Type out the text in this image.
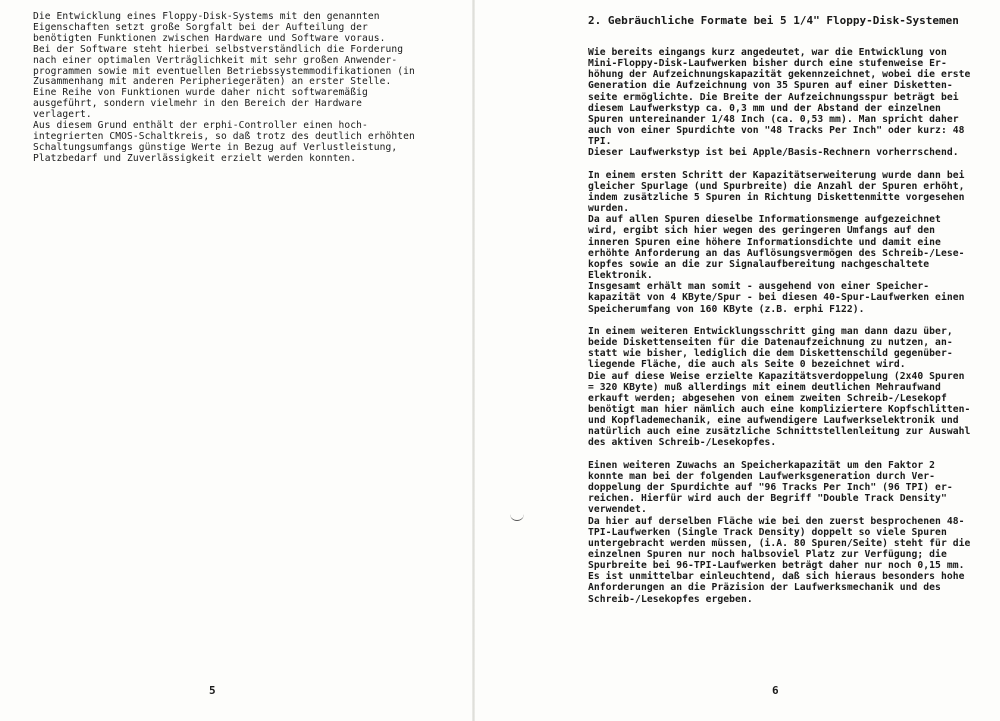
Die Entwicklung eines Floppy-Disk-Systems mit den genannten
Eigenschaften setzt große Sorgfalt bei der Aufteilung der
benötigten Funktionen zwischen Hardware und Software voraus.
Bei der Software steht hierbei selbstverständlich die Forderung
nach einer optimalen Verträglichkeit mit sehr großen Anwender-
programmen sowie mit eventuellen Betriebssystemmodifikationen (in
Zusammenhang mit anderen Peripheriegeräten) an erster Stelle.
Eine Reihe von Funktionen wurde daher nicht softwaremäßig
ausgeführt, sondern vielmehr in den Bereich der Hardware
verlagert.
Aus diesem Grund enthält der erphi-Controller einen hoch-
integrierten CMOS-Schaltkreis, so daß trotz des deutlich erhöhten
Schaltungsumfangs günstige Werte in Bezug auf Verlustleistung,
Platzbedarf und Zuverlässigkeit erzielt werden konnten.
5
2. Gebräuchliche Formate bei 5 1/4" Floppy-Disk-Systemen

Wie bereits eingangs kurz angedeutet, war die Entwicklung von
Mini-Floppy-Disk-Laufwerken bisher durch eine stufenweise Er-
höhung der Aufzeichnungskapazität gekennzeichnet, wobei die erste
Generation die Aufzeichnung von 35 Spuren auf einer Disketten-
seite ermöglichte. Die Breite der Aufzeichnungsspur beträgt bei
diesem Laufwerkstyp ca. 0,3 mm und der Abstand der einzelnen
Spuren untereinander 1/48 Inch (ca. 0,53 mm). Man spricht daher
auch von einer Spurdichte von "48 Tracks Per Inch" oder kurz: 48
TPI.
Dieser Laufwerkstyp ist bei Apple/Basis-Rechnern vorherrschend.

In einem ersten Schritt der Kapazitätserweiterung wurde dann bei
gleicher Spurlage (und Spurbreite) die Anzahl der Spuren erhöht,
indem zusätzliche 5 Spuren in Richtung Diskettenmitte vorgesehen
wurden.
Da auf allen Spuren dieselbe Informationsmenge aufgezeichnet
wird, ergibt sich hier wegen des geringeren Umfangs auf den
inneren Spuren eine höhere Informationsdichte und damit eine
erhöhte Anforderung an das Auflösungsvermögen des Schreib-/Lese-
kopfes sowie an die zur Signalaufbereitung nachgeschaltete
Elektronik.
Insgesamt erhält man somit - ausgehend von einer Speicher-
kapazität von 4 KByte/Spur - bei diesen 40-Spur-Laufwerken einen
Speicherumfang von 160 KByte (z.B. erphi F122).

In einem weiteren Entwicklungsschritt ging man dann dazu über,
beide Diskettenseiten für die Datenaufzeichnung zu nutzen, an-
statt wie bisher, lediglich die dem Diskettenschild gegenüber-
liegende Fläche, die auch als Seite 0 bezeichnet wird.
Die auf diese Weise erzielte Kapazitätsverdoppelung (2x40 Spuren
= 320 KByte) muß allerdings mit einem deutlichen Mehraufwand
erkauft werden; abgesehen von einem zweiten Schreib-/Lesekopf
benötigt man hier nämlich auch eine kompliziertere Kopfschlitten-
und Kopflademechanik, eine aufwendigere Laufwerkselektronik und
natürlich auch eine zusätzliche Schnittstellenleitung zur Auswahl
des aktiven Schreib-/Lesekopfes.

Einen weiteren Zuwachs an Speicherkapazität um den Faktor 2
konnte man bei der folgenden Laufwerksgeneration durch Ver-
doppelung der Spurdichte auf "96 Tracks Per Inch" (96 TPI) er-
reichen. Hierfür wird auch der Begriff "Double Track Density"
verwendet.
Da hier auf derselben Fläche wie bei den zuerst besprochenen 48-
TPI-Laufwerken (Single Track Density) doppelt so viele Spuren
untergebracht werden müssen, (i.A. 80 Spuren/Seite) steht für die
einzelnen Spuren nur noch halbsoviel Platz zur Verfügung; die
Spurbreite bei 96-TPI-Laufwerken beträgt daher nur noch 0,15 mm.
Es ist unmittelbar einleuchtend, daß sich hieraus besonders hohe
Anforderungen an die Präzision der Laufwerksmechanik und des
Schreib-/Lesekopfes ergeben.

6
